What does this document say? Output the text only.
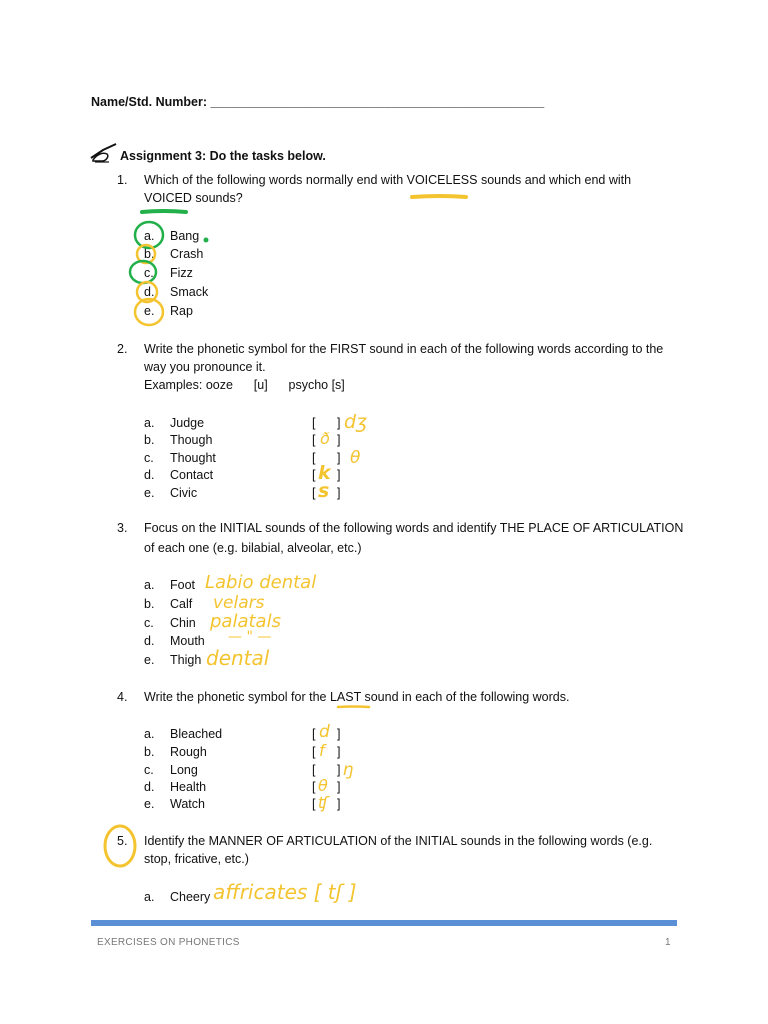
Name/Std. Number: ________________________________________________
Assignment 3: Do the tasks below.
1. Which of the following words normally end with VOICELESS sounds and which end with
VOICED sounds?
a. Bang
b. Crash
c. Fizz
d. Smack
e. Rap
2. Write the phonetic symbol for the FIRST sound in each of the following words according to the
way you pronounce it.
Examples: ooze      [u]      psycho [s]
a. Judge	[ ] dʒ
b. Though	[ ð ]
c. Thought	[ ] θ
d. Contact	[ k ]
e. Civic	[ s ]
3. Focus on the INITIAL sounds of the following words and identify THE PLACE OF ARTICULATION
of each one (e.g. bilabial, alveolar, etc.)
a. Foot Labio dental
b. Calf velars
c. Chin palatals
d. Mouth — " —
e. Thigh dental
4. Write the phonetic symbol for the LAST sound in each of the following words.
a. Bleached	[ d ]
b. Rough	[ f ]
c. Long	[ ] ŋ
d. Health	[ θ ]
e. Watch	[ ʧ ]
5. Identify the MANNER OF ARTICULATION of the INITIAL sounds in the following words (e.g.
stop, fricative, etc.)
a. Cheery affricates [ tʃ ]
EXERCISES ON PHONETICS	1
